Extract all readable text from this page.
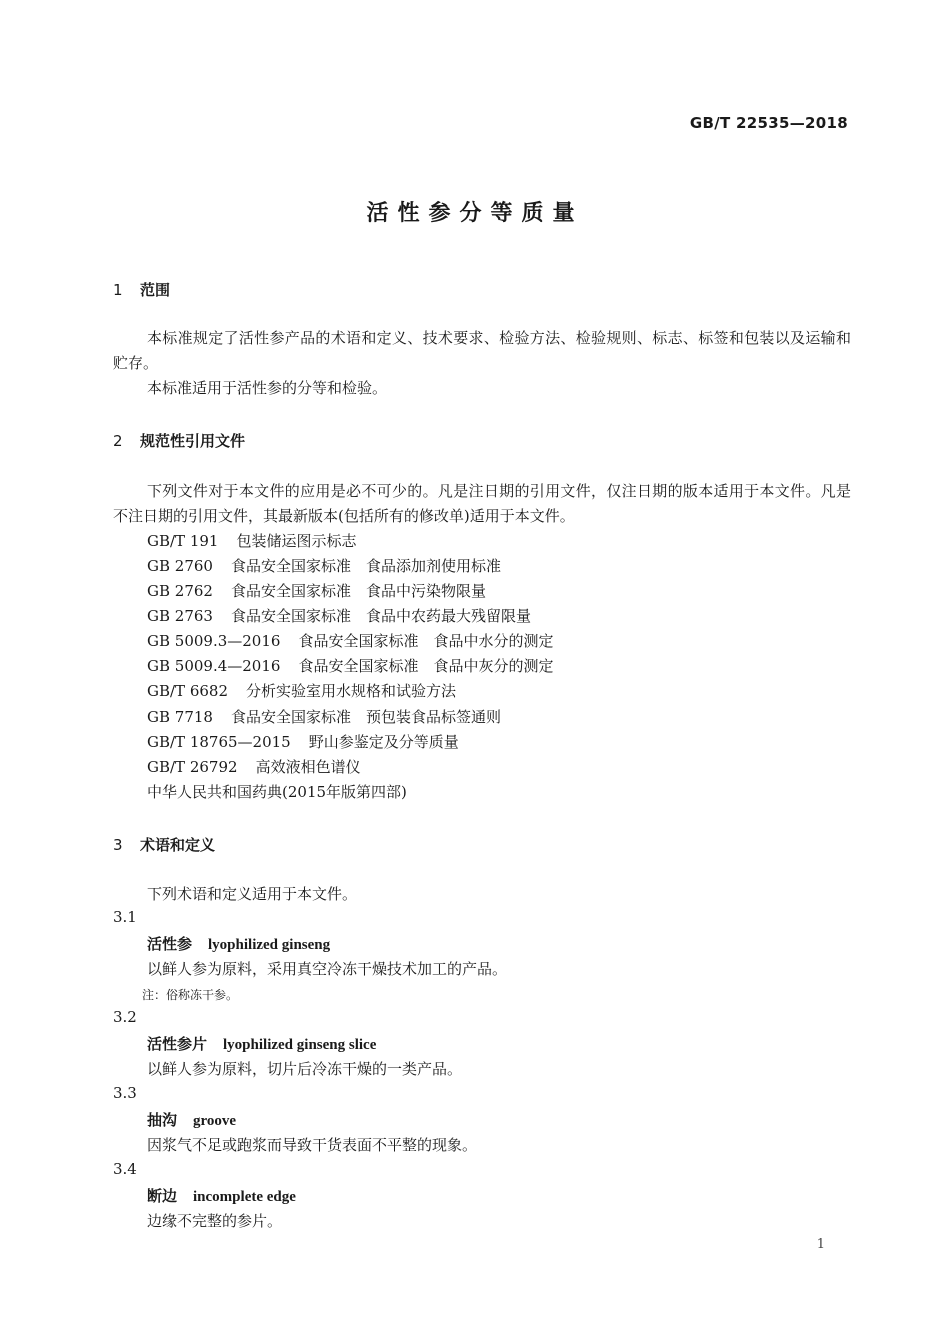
GB/T 22535—2018
活性参分等质量
1 范围
本标准规定了活性参产品的术语和定义、技术要求、检验方法、检验规则、标志、标签和包装以及运输和贮存。
本标准适用于活性参的分等和检验。
2 规范性引用文件
下列文件对于本文件的应用是必不可少的。凡是注日期的引用文件，仅注日期的版本适用于本文件。凡是不注日期的引用文件，其最新版本(包括所有的修改单)适用于本文件。
GB/T 191 包装储运图示标志
GB 2760 食品安全国家标准　食品添加剂使用标准
GB 2762 食品安全国家标准　食品中污染物限量
GB 2763 食品安全国家标准　食品中农药最大残留限量
GB 5009.3—2016 食品安全国家标准　食品中水分的测定
GB 5009.4—2016 食品安全国家标准　食品中灰分的测定
GB/T 6682 分析实验室用水规格和试验方法
GB 7718 食品安全国家标准　预包装食品标签通则
GB/T 18765—2015 野山参鉴定及分等质量
GB/T 26792 高效液相色谱仪
中华人民共和国药典(2015年版第四部)
3 术语和定义
下列术语和定义适用于本文件。
3.1
活性参 lyophilized ginseng
以鲜人参为原料，采用真空冷冻干燥技术加工的产品。
注：俗称冻干参。
3.2
活性参片 lyophilized ginseng slice
以鲜人参为原料，切片后冷冻干燥的一类产品。
3.3
抽沟 groove
因浆气不足或跑浆而导致干货表面不平整的现象。
3.4
断边 incomplete edge
边缘不完整的参片。
1
